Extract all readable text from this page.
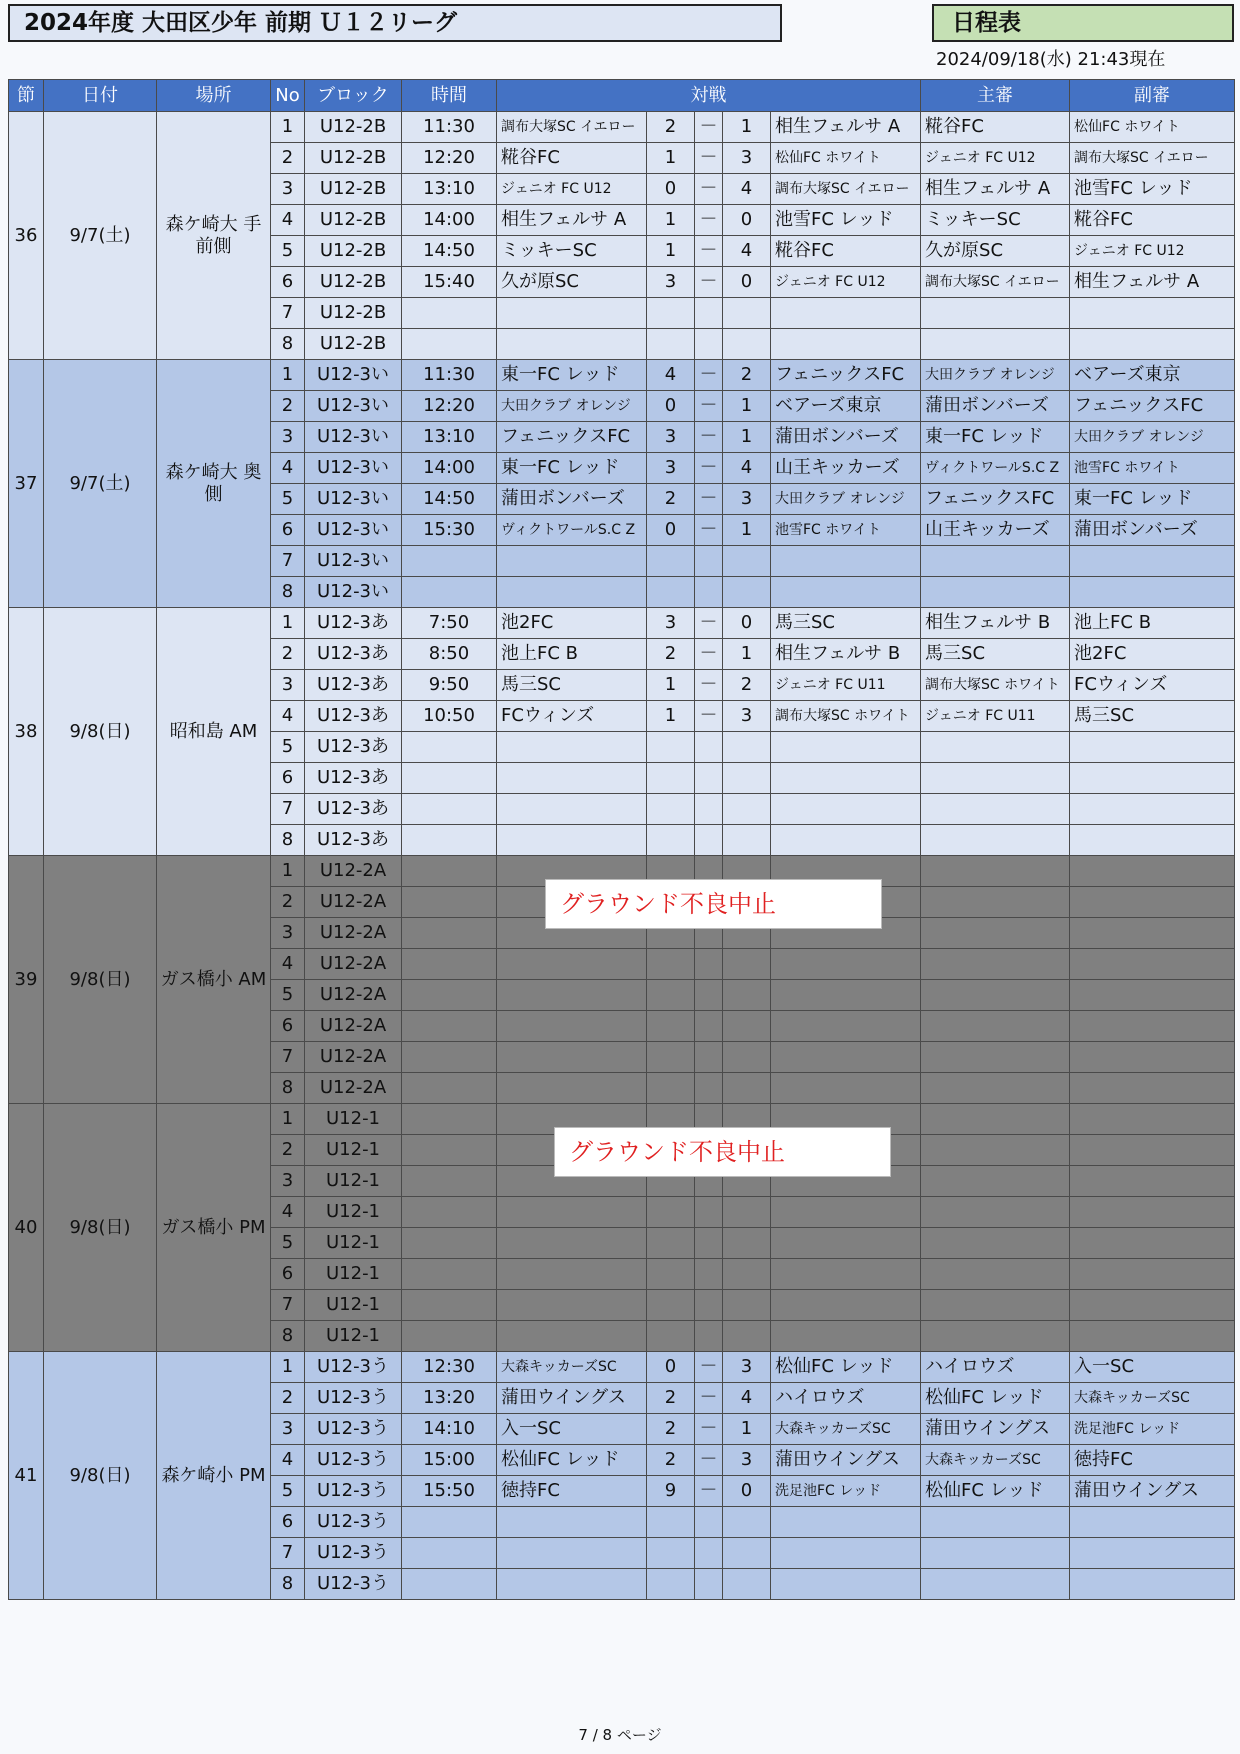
2024年度 大田区少年 前期 Ｕ１２リーグ	日程表
2024/09/18(水) 21:43現在
節	日付	場所	No	ブロック	時間	対戦					主審	副審
36	9/7(土)	森ケ崎大 手前側	1	U12-2B	11:30	調布大塚SC イエロー	2	－	1	相生フェルサ A	糀谷FC	松仙FC ホワイト
			2	U12-2B	12:20	糀谷FC	1	－	3	松仙FC ホワイト	ジェニオ FC U12	調布大塚SC イエロー
			3	U12-2B	13:10	ジェニオ FC U12	0	－	4	調布大塚SC イエロー	相生フェルサ A	池雪FC レッド
			4	U12-2B	14:00	相生フェルサ A	1	－	0	池雪FC レッド	ミッキーSC	糀谷FC
			5	U12-2B	14:50	ミッキーSC	1	－	4	糀谷FC	久が原SC	ジェニオ FC U12
			6	U12-2B	15:40	久が原SC	3	－	0	ジェニオ FC U12	調布大塚SC イエロー	相生フェルサ A
			7	U12-2B								
			8	U12-2B								
37	9/7(土)	森ケ崎大 奥側	1	U12-3い	11:30	東一FC レッド	4	－	2	フェニックスFC	大田クラブ オレンジ	ベアーズ東京
			2	U12-3い	12:20	大田クラブ オレンジ	0	－	1	ベアーズ東京	蒲田ボンバーズ	フェニックスFC
			3	U12-3い	13:10	フェニックスFC	3	－	1	蒲田ボンバーズ	東一FC レッド	大田クラブ オレンジ
			4	U12-3い	14:00	東一FC レッド	3	－	4	山王キッカーズ	ヴィクトワールS.C Z	池雪FC ホワイト
			5	U12-3い	14:50	蒲田ボンバーズ	2	－	3	大田クラブ オレンジ	フェニックスFC	東一FC レッド
			6	U12-3い	15:30	ヴィクトワールS.C Z	0	－	1	池雪FC ホワイト	山王キッカーズ	蒲田ボンバーズ
			7	U12-3い								
			8	U12-3い								
38	9/8(日)	昭和島 AM	1	U12-3あ	7:50	池2FC	3	－	0	馬三SC	相生フェルサ B	池上FC B
			2	U12-3あ	8:50	池上FC B	2	－	1	相生フェルサ B	馬三SC	池2FC
			3	U12-3あ	9:50	馬三SC	1	－	2	ジェニオ FC U11	調布大塚SC ホワイト	FCウィンズ
			4	U12-3あ	10:50	FCウィンズ	1	－	3	調布大塚SC ホワイト	ジェニオ FC U11	馬三SC
			5	U12-3あ								
			6	U12-3あ								
			7	U12-3あ								
			8	U12-3あ								
39	9/8(日)	ガス橋小 AM	1	U12-2A								
			2	U12-2A								
			3	U12-2A								
			4	U12-2A								
			5	U12-2A								
			6	U12-2A								
			7	U12-2A								
			8	U12-2A								
40	9/8(日)	ガス橋小 PM	1	U12-1								
			2	U12-1								
			3	U12-1								
			4	U12-1								
			5	U12-1								
			6	U12-1								
			7	U12-1								
			8	U12-1								
41	9/8(日)	森ケ崎小 PM	1	U12-3う	12:30	大森キッカーズSC	0	－	3	松仙FC レッド	ハイロウズ	入一SC
			2	U12-3う	13:20	蒲田ウイングス	2	－	4	ハイロウズ	松仙FC レッド	大森キッカーズSC
			3	U12-3う	14:10	入一SC	2	－	1	大森キッカーズSC	蒲田ウイングス	洗足池FC レッド
			4	U12-3う	15:00	松仙FC レッド	2	－	3	蒲田ウイングス	大森キッカーズSC	徳持FC
			5	U12-3う	15:50	徳持FC	9	－	0	洗足池FC レッド	松仙FC レッド	蒲田ウイングス
			6	U12-3う								
			7	U12-3う								
			8	U12-3う								
グラウンド不良中止
グラウンド不良中止
7 / 8 ページ
